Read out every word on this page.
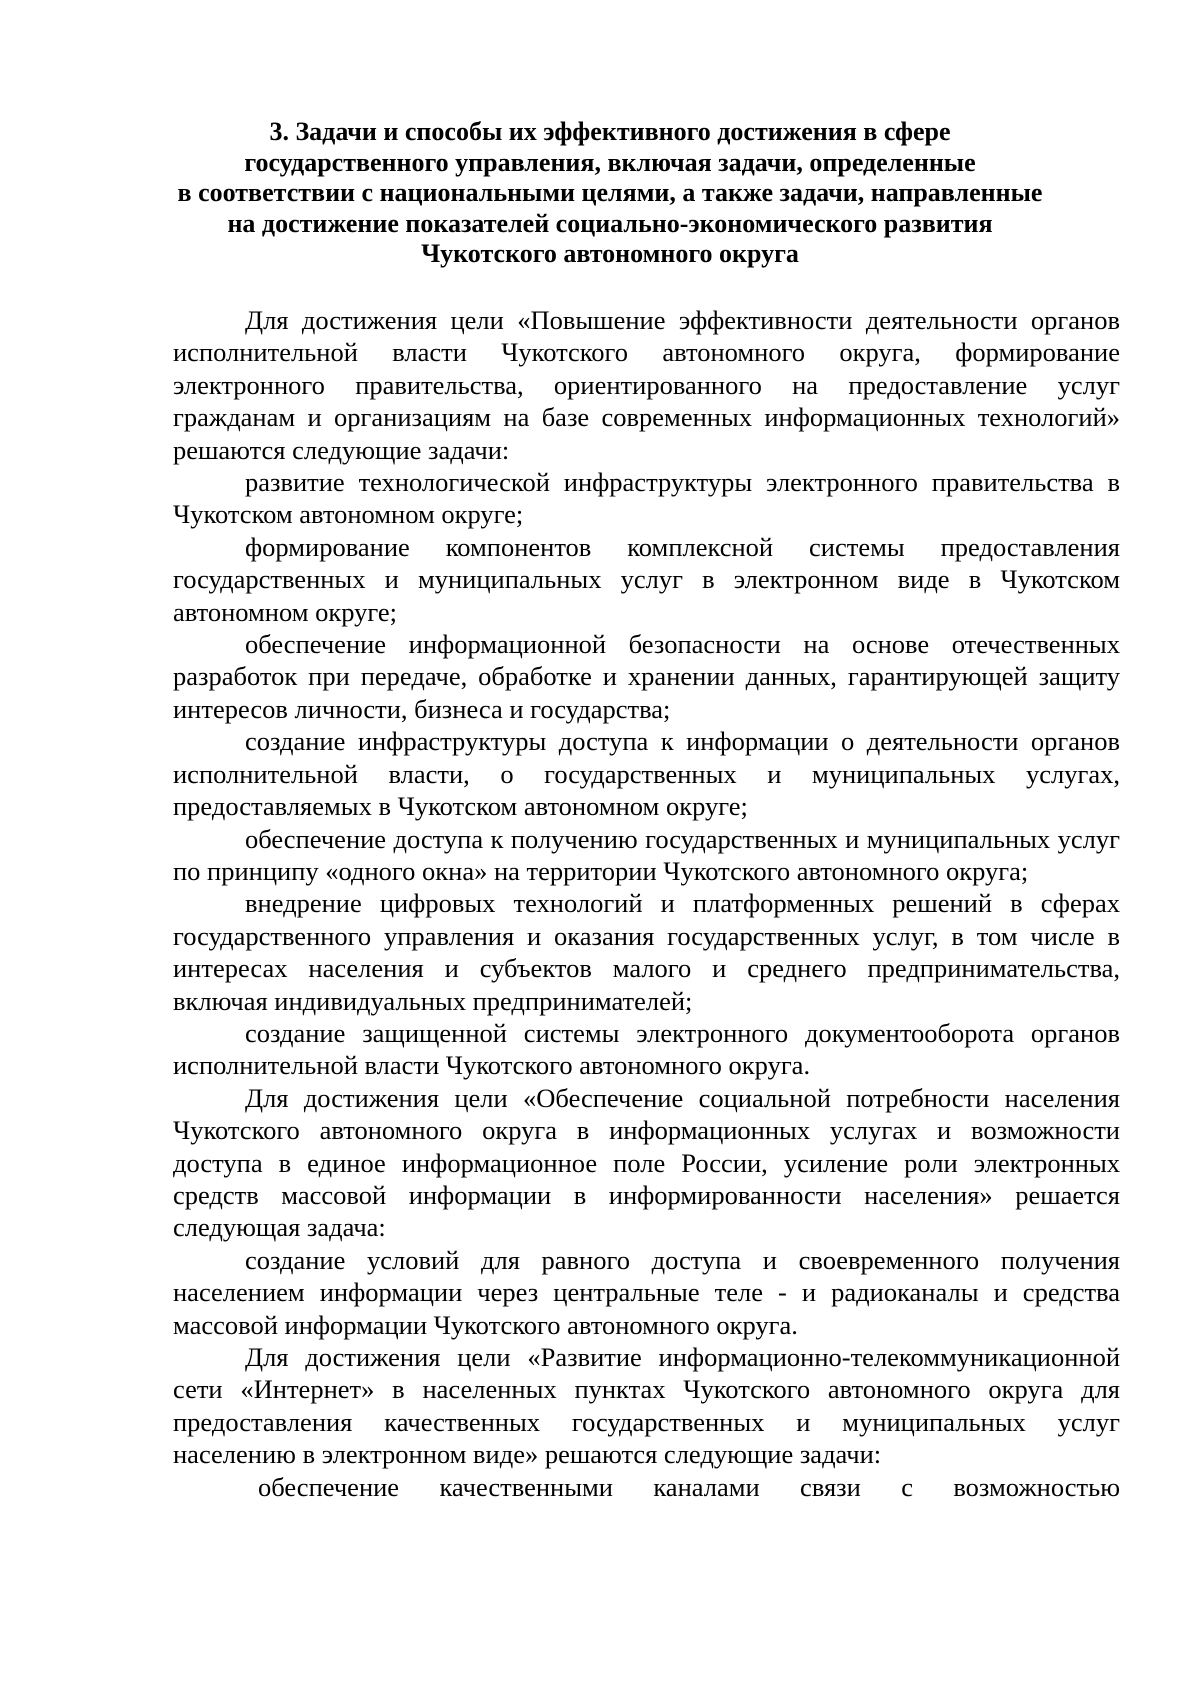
3. Задачи и способы их эффективного достижения в сфере
государственного управления, включая задачи, определенные
в соответствии с национальными целями, а также задачи, направленные
на достижение показателей социально-экономического развития
Чукотского автономного округа

Для достижения цели «Повышение эффективности деятельности органов исполнительной власти Чукотского автономного округа, формирование электронного правительства, ориентированного на предоставление услуг гражданам и организациям на базе современных информационных технологий» решаются следующие задачи:

развитие технологической инфраструктуры электронного правительства в Чукотском автономном округе;

формирование компонентов комплексной системы предоставления государственных и муниципальных услуг в электронном виде в Чукотском автономном округе;

обеспечение информационной безопасности на основе отечественных разработок при передаче, обработке и хранении данных, гарантирующей защиту интересов личности, бизнеса и государства;

создание инфраструктуры доступа к информации о деятельности органов исполнительной власти, о государственных и муниципальных услугах, предоставляемых в Чукотском автономном округе;

обеспечение доступа к получению государственных и муниципальных услуг по принципу «одного окна» на территории Чукотского автономного округа;

внедрение цифровых технологий и платформенных решений в сферах государственного управления и оказания государственных услуг, в том числе в интересах населения и субъектов малого и среднего предпринимательства, включая индивидуальных предпринимателей;

создание защищенной системы электронного документооборота органов исполнительной власти Чукотского автономного округа.

Для достижения цели «Обеспечение социальной потребности населения Чукотского автономного округа в информационных услугах и возможности доступа в единое информационное поле России, усиление роли электронных средств массовой информации в информированности населения» решается следующая задача:

создание условий для равного доступа и своевременного получения населением информации через центральные теле - и радиоканалы и средства массовой информации Чукотского автономного округа.

Для достижения цели «Развитие информационно-телекоммуникационной сети «Интернет» в населенных пунктах Чукотского автономного округа для предоставления качественных государственных и муниципальных услуг населению в электронном виде» решаются следующие задачи:

обеспечение качественными каналами связи с возможностью
